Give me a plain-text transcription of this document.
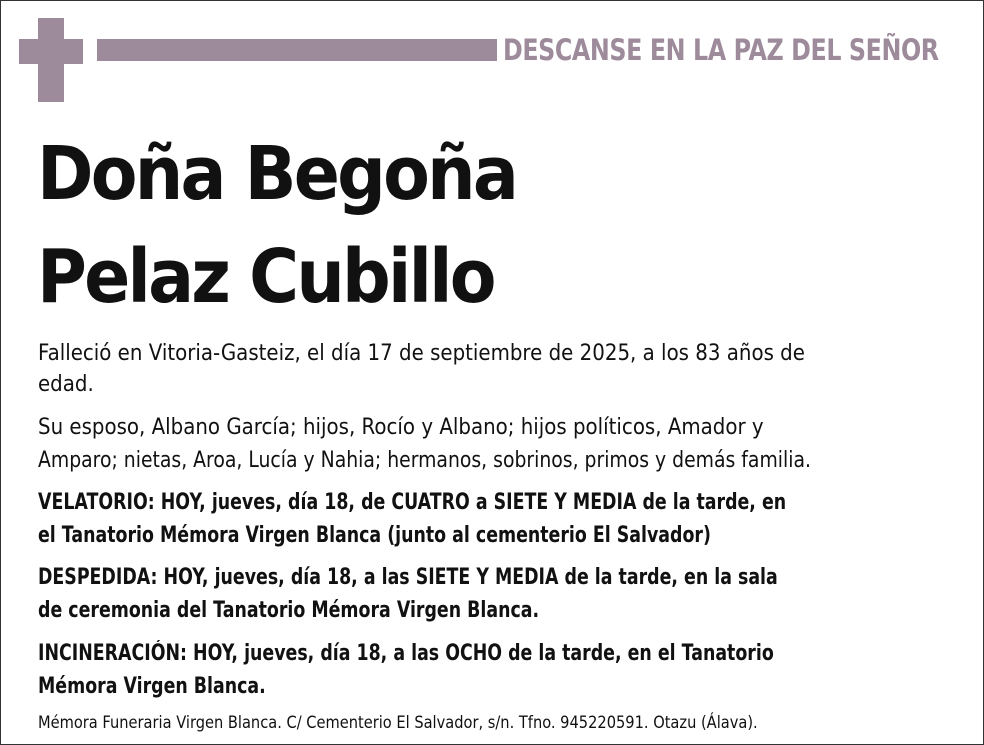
DESCANSE EN LA PAZ DEL SEÑOR
Doña Begoña
Pelaz Cubillo
Falleció en Vitoria-Gasteiz, el día 17 de septiembre de 2025, a los 83 años de
edad.
Su esposo, Albano García; hijos, Rocío y Albano; hijos políticos, Amador y
Amparo; nietas, Aroa, Lucía y Nahia; hermanos, sobrinos, primos y demás familia.
VELATORIO: HOY, jueves, día 18, de CUATRO a SIETE Y MEDIA de la tarde, en
el Tanatorio Mémora Virgen Blanca (junto al cementerio El Salvador)
DESPEDIDA: HOY, jueves, día 18, a las SIETE Y MEDIA de la tarde, en la sala
de ceremonia del Tanatorio Mémora Virgen Blanca.
INCINERACIÓN: HOY, jueves, día 18, a las OCHO de la tarde, en el Tanatorio
Mémora Virgen Blanca.
Mémora Funeraria Virgen Blanca. C/ Cementerio El Salvador, s/n. Tfno. 945220591. Otazu (Álava).
